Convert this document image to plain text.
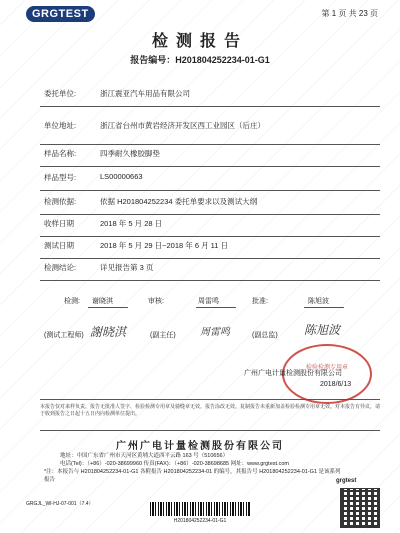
GRGTEST	第 1 页 共 23 页
检测报告
报告编号：H201804252234-01-G1
委托单位:	浙江震亚汽车用品有限公司
单位地址:	浙江省台州市黄岩经济开发区西工业园区（后庄）
样品名称:	四季耐久橡胶脚垫
样品型号:	LS00000663
检测依据:	依据 H201804252234 委托单要求以及测试大纲
收样日期	2018 年 5 月 28 日
测试日期	2018 年 5 月 29 日~2018 年 6 月 11 日
检测结论:	详见报告第 3 页
检测: 谢晓淇	审核:	周雷鸣	批准:	陈旭波
(测试工程师) 謝晓淇	(副主任) 周雷鸣	(副总监) 陈旭波
检验检测专用章
广州广电计量检测股份有限公司
2018/6/13
本报告仅对来样负责。报告无批准人签字、检验检测专用章及骑缝章无效。报告涂改无效。复制报告未重新加盖检验检测专用章无效。对本报告有异议，请于收到报告之日起十五日内向检测单位提出。
广州广电计量检测股份有限公司
地址：中国广东省广州市天河区黄埔大道西平云路 163 号（510656）
电话(Tel)：（+86）-020-38699960 传真(FAX)：（+86）-020-38698685 网址：www.grgtest.com
*注：本报告与 H201804252234-01-G1 各附报告 H201804252234-01 的编号，其报告号 H201804252234-01-G1 是该系列报告
GRGJL_WI-HJ-07-001（7.4）
H201804252234-01-G1
grgtest
